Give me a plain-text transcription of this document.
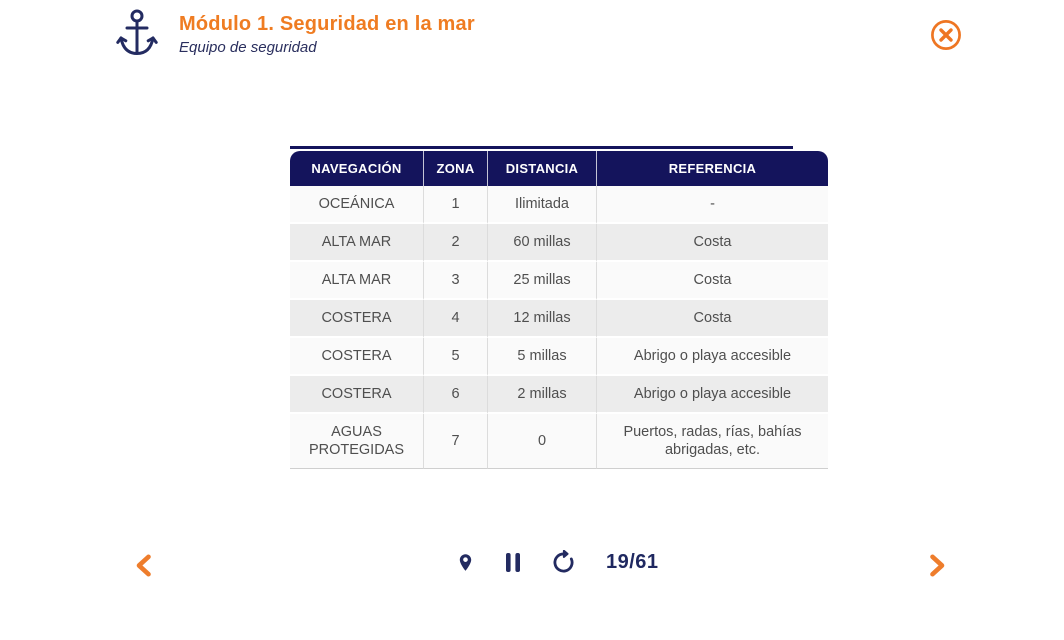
Módulo 1. Seguridad en la mar

Equipo de seguridad

NAVEGACIÓN	ZONA	DISTANCIA	REFERENCIA
OCEÁNICA	1	Ilimitada	-
ALTA MAR	2	60 millas	Costa
ALTA MAR	3	25 millas	Costa
COSTERA	4	12 millas	Costa
COSTERA	5	5 millas	Abrigo o playa accesible
COSTERA	6	2 millas	Abrigo o playa accesible
AGUAS PROTEGIDAS	7	0	Puertos, radas, rías, bahías abrigadas, etc.
19/61
